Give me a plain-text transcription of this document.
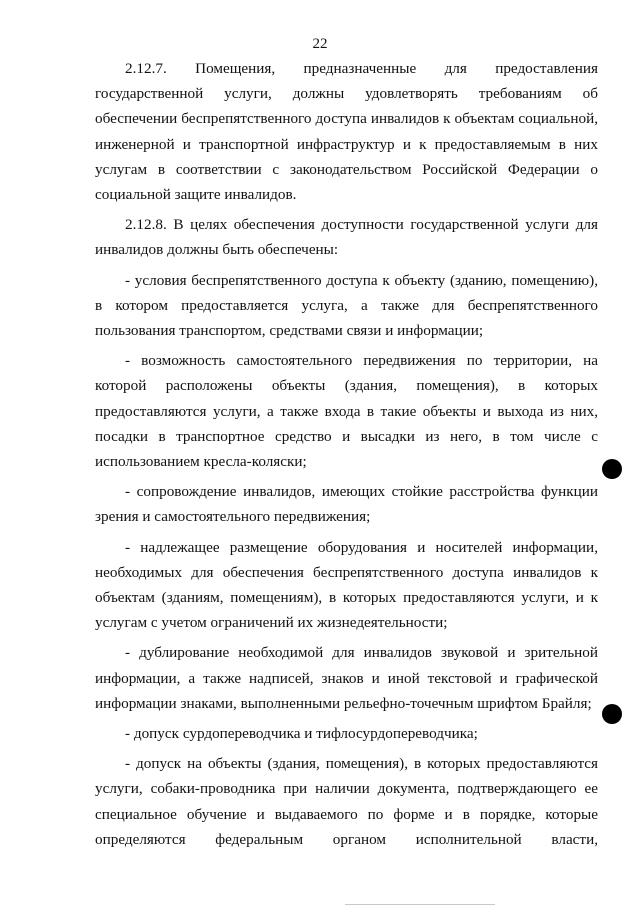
22

2.12.7. Помещения, предназначенные для предоставления государственной услуги, должны удовлетворять требованиям об обеспечении беспрепятственного доступа инвалидов к объектам социальной, инженерной и транспортной инфраструктур и к предоставляемым в них услугам в соответствии с законодательством Российской Федерации о социальной защите инвалидов.

2.12.8. В целях обеспечения доступности государственной услуги для инвалидов должны быть обеспечены:

- условия беспрепятственного доступа к объекту (зданию, помещению), в котором предоставляется услуга, а также для беспрепятственного пользования транспортом, средствами связи и информации;

- возможность самостоятельного передвижения по территории, на которой расположены объекты (здания, помещения), в которых предоставляются услуги, а также входа в такие объекты и выхода из них, посадки в транспортное средство и высадки из него, в том числе с использованием кресла-коляски;

- сопровождение инвалидов, имеющих стойкие расстройства функции зрения и самостоятельного передвижения;

- надлежащее размещение оборудования и носителей информации, необходимых для обеспечения беспрепятственного доступа инвалидов к объектам (зданиям, помещениям), в которых предоставляются услуги, и к услугам с учетом ограничений их жизнедеятельности;

- дублирование необходимой для инвалидов звуковой и зрительной информации, а также надписей, знаков и иной текстовой и графической информации знаками, выполненными рельефно-точечным шрифтом Брайля;

- допуск сурдопереводчика и тифлосурдопереводчика;

- допуск на объекты (здания, помещения), в которых предоставляются услуги, собаки-проводника при наличии документа, подтверждающего ее специальное обучение и выдаваемого по форме и в порядке, которые определяются федеральным органом исполнительной власти,
